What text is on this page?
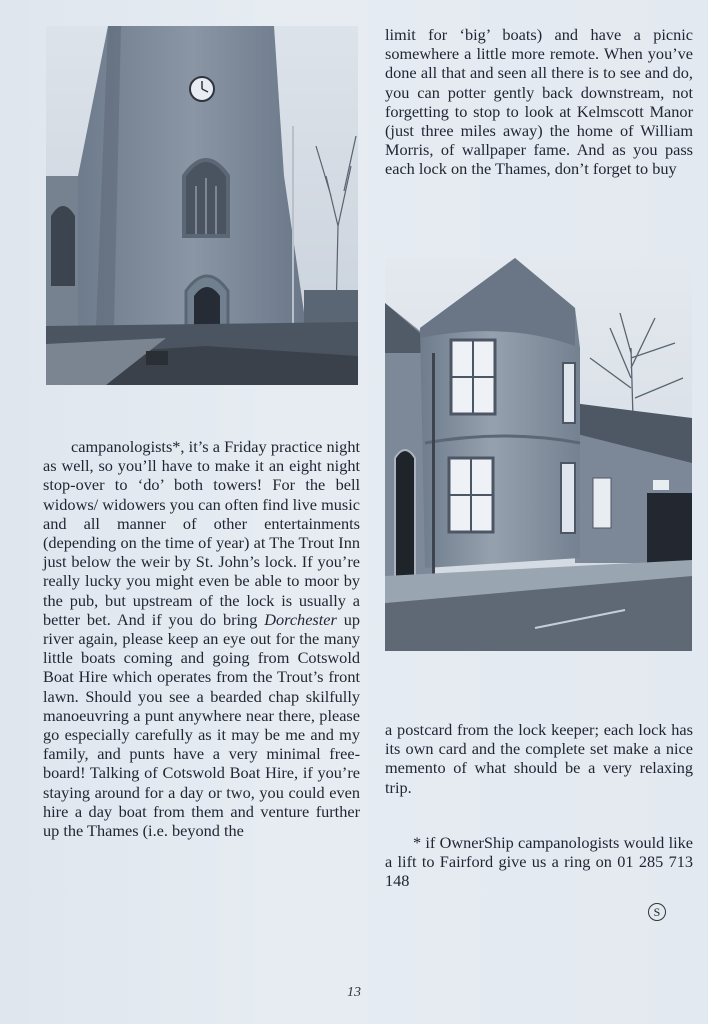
limit for ‘big’ boats) and have a picnic somewhere a little more remote. When you’ve done all that and seen all there is to see and do, you can potter gently back downstream, not forgetting to stop to look at Kelmscott Manor (just three miles away) the home of William Morris, of wallpaper fame. And as you pass each lock on the Thames, don’t forget to buy

campanologists*, it’s a Friday practice night as well, so you’ll have to make it an eight night stop-over to ‘do’ both towers! For the bell widows/ widowers you can often find live music and all manner of other entertainments (depending on the time of year) at The Trout Inn just below the weir by St. John’s lock. If you’re really lucky you might even be able to moor by the pub, but upstream of the lock is usually a better bet. And if you do bring Dorchester up river again, please keep an eye out for the many little boats coming and going from Cotswold Boat Hire which operates from the Trout’s front lawn. Should you see a bearded chap skilfully manoeuvring a punt anywhere near there, please go especially carefully as it may be me and my family, and punts have a very minimal free-board! Talking of Cotswold Boat Hire, if you’re staying around for a day or two, you could even hire a day boat from them and venture further up the Thames (i.e. beyond the

a postcard from the lock keeper; each lock has its own card and the complete set make a nice memento of what should be a very relaxing trip.

* if OwnerShip campanologists would like a lift to Fairford give us a ring on 01 285 713 148

S
13
